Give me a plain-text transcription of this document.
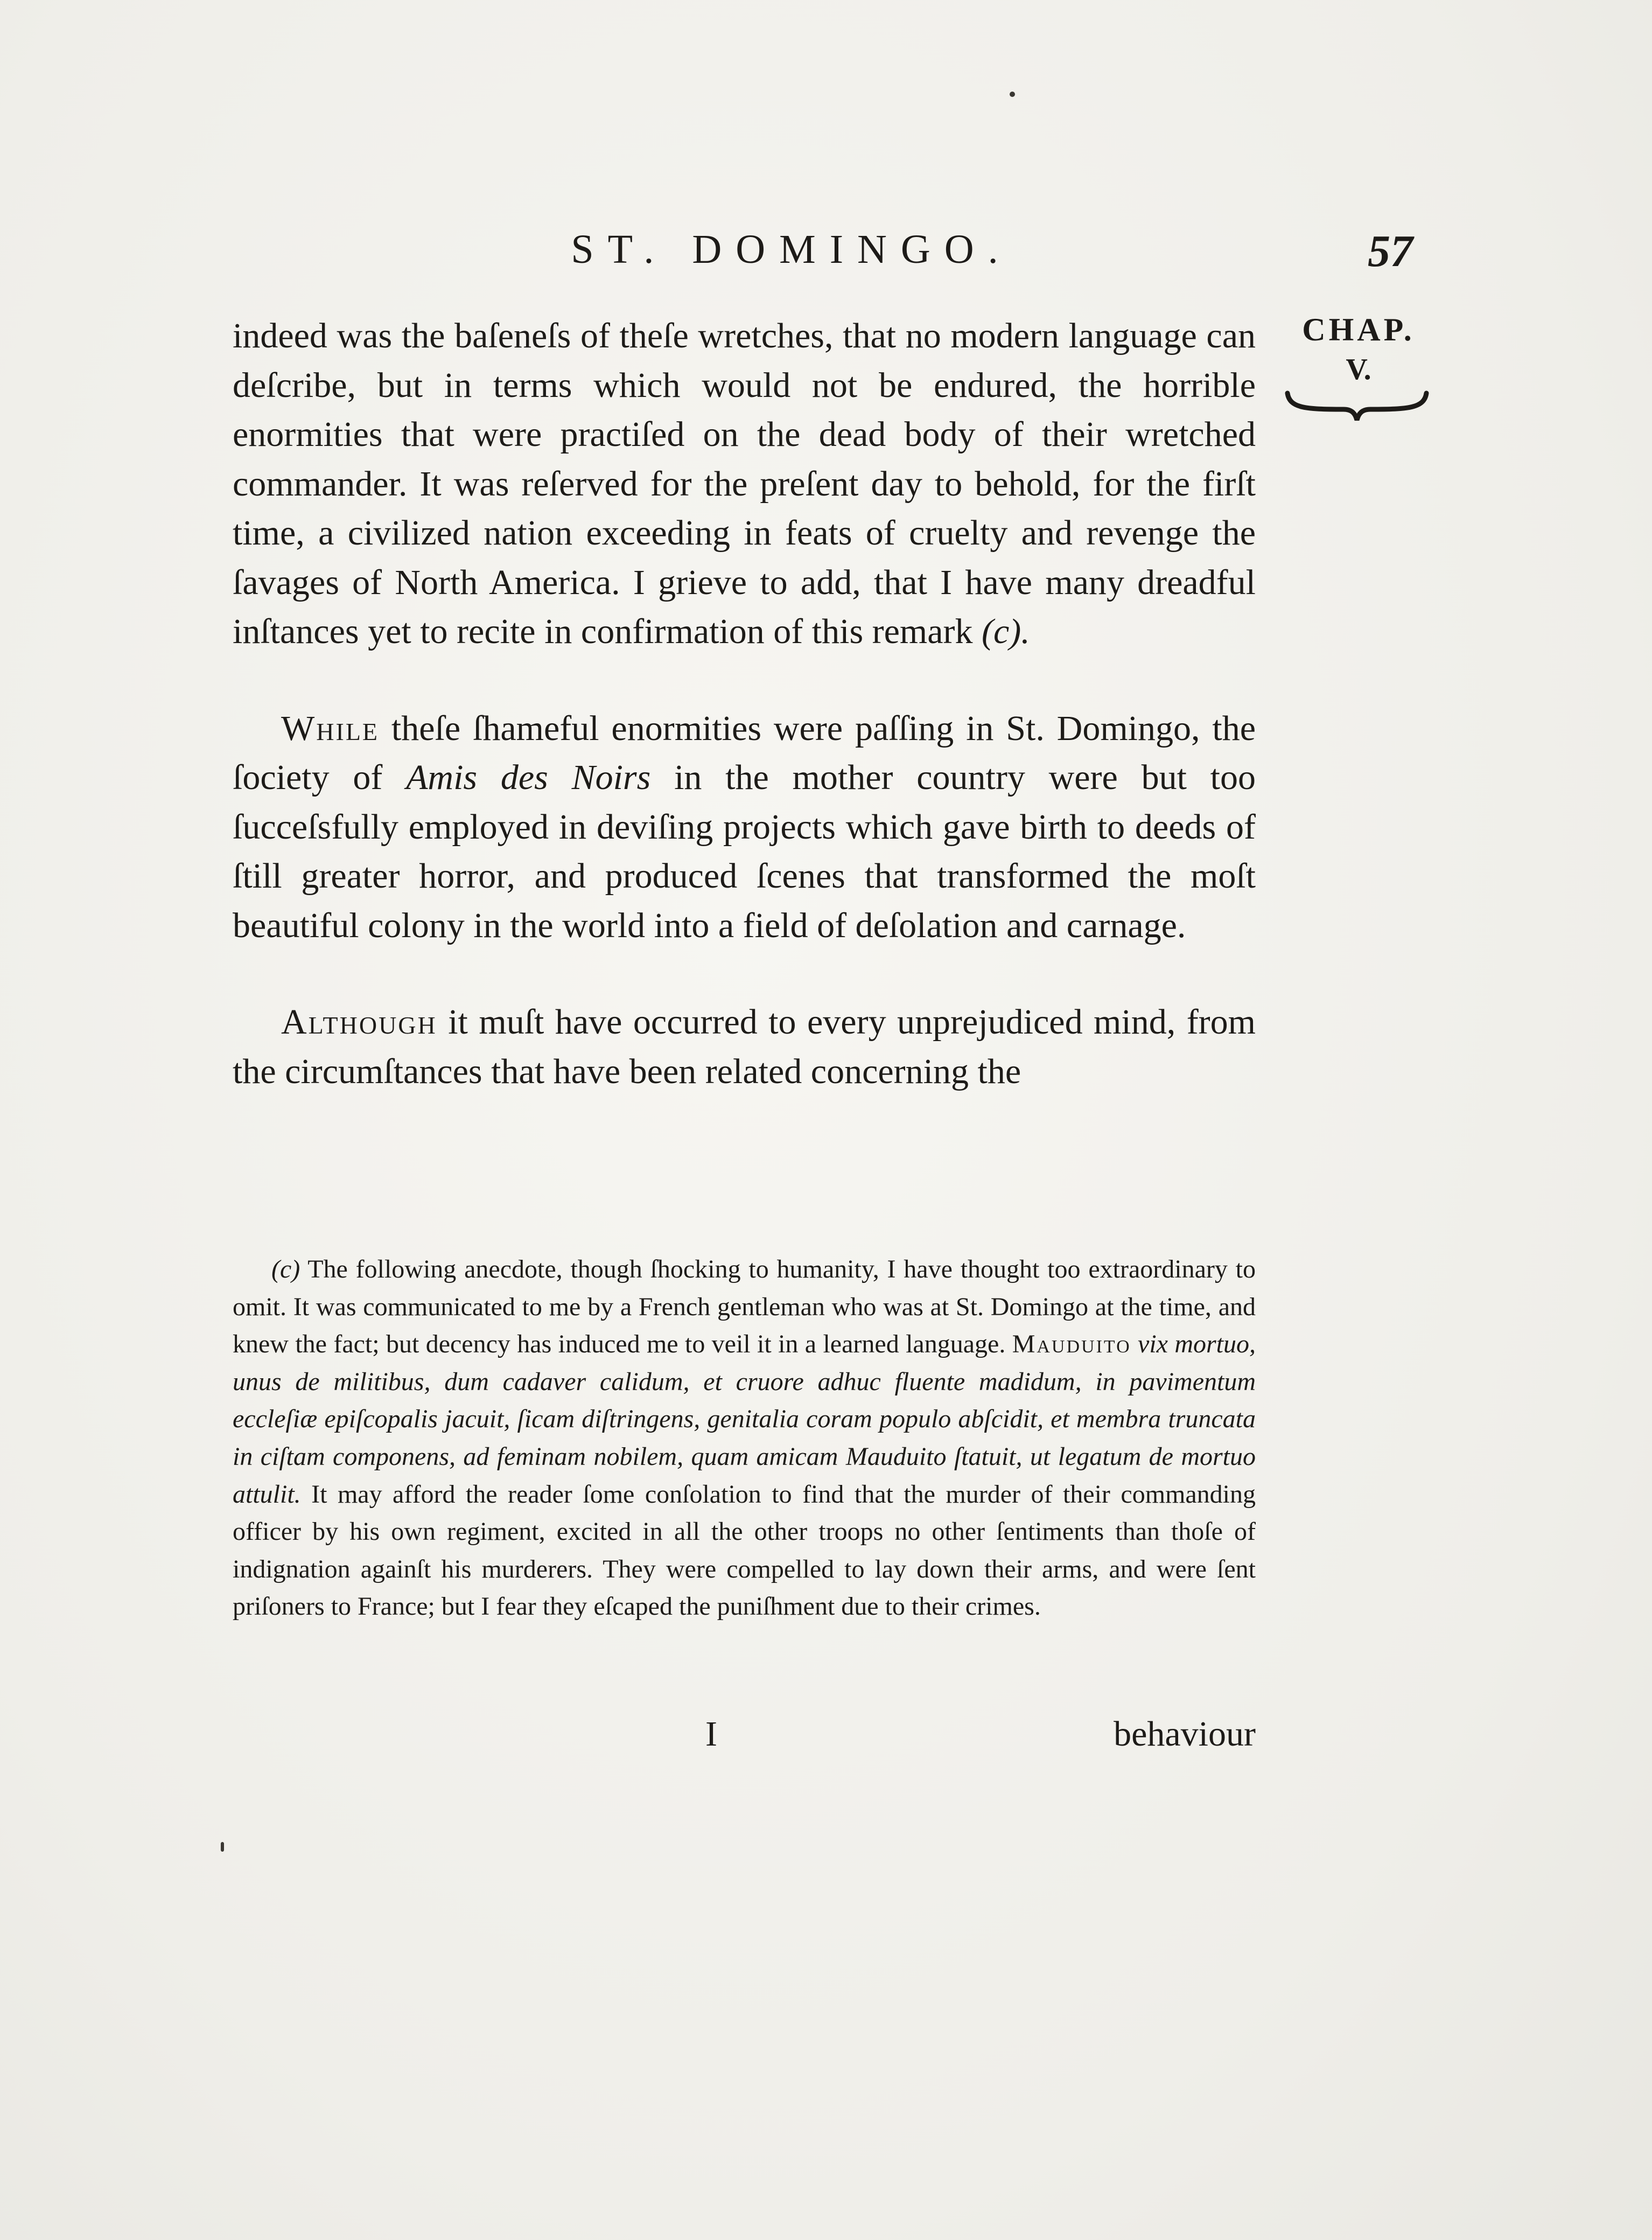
ST. DOMINGO.	57
CHAP.
V.

indeed was the baſeneſs of theſe wretches, that no modern language can deſcribe, but in terms which would not be endured, the horrible enormities that were practiſed on the dead body of their wretched commander. It was reſerved for the preſent day to behold, for the firſt time, a civilized nation exceeding in feats of cruelty and revenge the ſavages of North America. I grieve to add, that I have many dreadful inſtances yet to recite in confirmation of this remark (c).

While theſe ſhameful enormities were paſſing in St. Domingo, the ſociety of Amis des Noirs in the mother country were but too ſucceſsfully employed in deviſing projects which gave birth to deeds of ſtill greater horror, and produced ſcenes that transformed the moſt beautiful colony in the world into a field of deſolation and carnage.

Although it muſt have occurred to every unprejudiced mind, from the circumſtances that have been related concerning the

(c) The following anecdote, though ſhocking to humanity, I have thought too extraordinary to omit. It was communicated to me by a French gentleman who was at St. Domingo at the time, and knew the fact; but decency has induced me to veil it in a learned language. Mauduito vix mortuo, unus de militibus, dum cadaver calidum, et cruore adhuc fluente madidum, in pavimentum eccleſiæ epiſcopalis jacuit, ſicam diſtringens, genitalia coram populo abſcidit, et membra truncata in ciſtam componens, ad feminam nobilem, quam amicam Mauduito ſtatuit, ut legatum de mortuo attulit. It may afford the reader ſome conſolation to find that the murder of their commanding officer by his own regiment, excited in all the other troops no other ſentiments than thoſe of indignation againſt his murderers. They were compelled to lay down their arms, and were ſent priſoners to France; but I fear they eſcaped the puniſhment due to their crimes.
I	behaviour
